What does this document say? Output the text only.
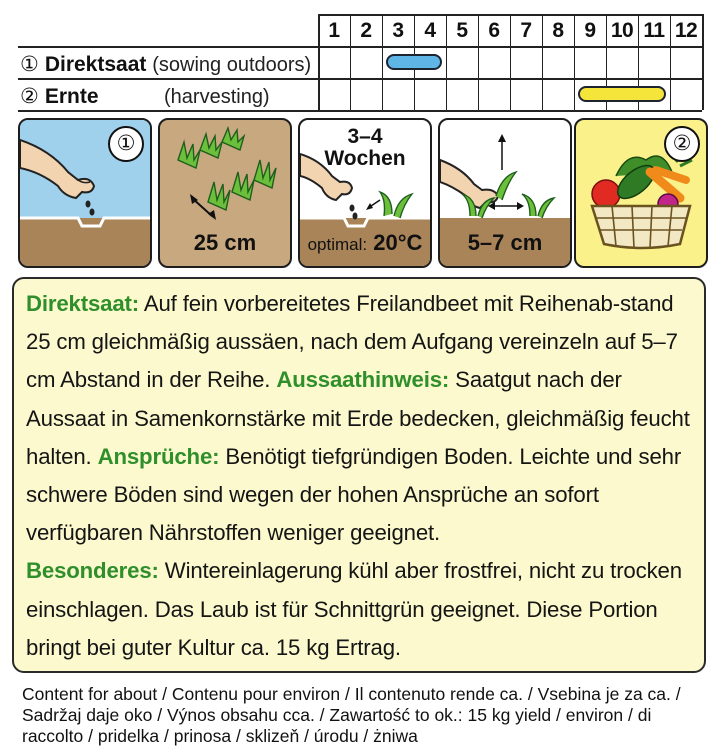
1 2 3 4 5 6 7 8 9 10 11 12
① Direktsaat (sowing outdoors)
② Ernte	(harvesting)
①
25 cm
3–4
Wochen
optimal: 20°C	5–7 cm
②
Direktsaat: Auf fein vorbereitetes Freilandbeet mit Reihenab-stand 25 cm gleichmäßig aussäen, nach dem Aufgang vereinzeln auf 5–7 cm Abstand in der Reihe. Aussaathinweis: Saatgut nach der Aussaat in Samenkornstärke mit Erde bedecken, gleichmäßig feucht halten. Ansprüche: Benötigt tiefgründigen Boden. Leichte und sehr schwere Böden sind wegen der hohen Ansprüche an sofort verfügbaren Nährstoffen weniger geeignet.
Besonderes: Wintereinlagerung kühl aber frostfrei, nicht zu trocken einschlagen. Das Laub ist für Schnittgrün geeignet. Diese Portion bringt bei guter Kultur ca. 15 kg Ertrag.
Content for about / Contenu pour environ / Il contenuto rende ca. / Vsebina je za ca. / Sadržaj daje oko / Výnos obsahu cca. / Zawartość to ok.: 15 kg yield / environ / di raccolto / pridelka / prinosa / sklizeň / úrodu / żniwa
